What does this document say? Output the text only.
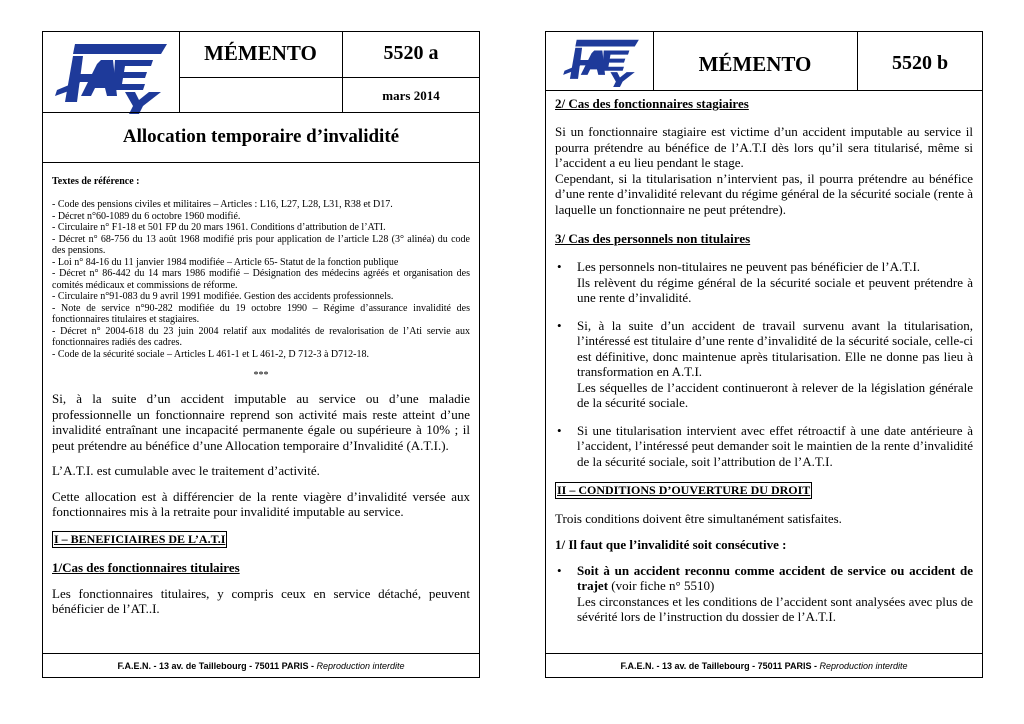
MÉMENTO	5520 a
mars 2014
Allocation temporaire d’invalidité

Textes de référence :

- Code des pensions civiles et militaires – Articles : L16, L27, L28, L31, R38 et D17.

- Décret n°60-1089 du 6 octobre 1960 modifié.

- Circulaire n° F1-18 et 501 FP du 20 mars 1961. Conditions d’attribution de l’ATI.

- Décret n° 68-756 du 13 août 1968 modifié pris pour application de l’article L28 (3° alinéa) du code des pensions.

- Loi n° 84-16 du 11 janvier 1984 modifiée – Article 65- Statut de la fonction publique

- Décret n° 86-442 du 14 mars 1986 modifié – Désignation des médecins agréés et organisation des comités médicaux et commissions de réforme.

- Circulaire n°91-083 du 9 avril 1991 modifiée. Gestion des accidents professionnels.

- Note de service n°90-282 modifiée du 19 octobre 1990 – Régime d’assurance invalidité des fonctionnaires titulaires et stagiaires.

- Décret n° 2004-618 du 23 juin 2004 relatif aux modalités de revalorisation de l’Ati servie aux fonctionnaires radiés des cadres.

- Code de la sécurité sociale – Articles L 461-1 et L 461-2, D 712-3 à D712-18.

***

Si, à la suite d’un accident imputable au service ou d’une maladie professionnelle un fonctionnaire reprend son activité mais reste atteint d’une invalidité entraînant une incapacité permanente égale ou supérieure à 10% ; il peut prétendre au bénéfice d’une Allocation temporaire d’Invalidité (A.T.I.).

L’A.T.I. est cumulable avec le traitement d’activité.

Cette allocation est à différencier de la rente viagère d’invalidité versée aux fonctionnaires mis à la retraite pour invalidité imputable au service.

I – BENEFICIAIRES DE L’A.T.I

1/Cas des fonctionnaires titulaires

Les fonctionnaires titulaires, y compris ceux en service détaché, peuvent bénéficier de l’AT..I.

F.A.E.N. - 13 av. de Taillebourg - 75011 PARIS - Reproduction interdite
MÉMENTO	5520 b

2/ Cas des fonctionnaires stagiaires

Si un fonctionnaire stagiaire est victime d’un accident imputable au service il pourra prétendre au bénéfice de l’A.T.I dès lors qu’il sera titularisé, même si l’accident a eu lieu pendant le stage.

Cependant, si la titularisation n’intervient pas, il pourra prétendre au bénéfice d’une rente d’invalidité relevant du régime général de la sécurité sociale (rente à laquelle un fonctionnaire ne peut prétendre).

3/ Cas des personnels non titulaires

• Les personnels non-titulaires ne peuvent pas bénéficier de l’A.T.I.
Ils relèvent du régime général de la sécurité sociale et peuvent prétendre à une rente d’invalidité.
• Si, à la suite d’un accident de travail survenu avant la titularisation, l’intéressé est titulaire d’une rente d’invalidité de la sécurité sociale, celle-ci est définitive, donc maintenue après titularisation. Elle ne donne pas lieu à transformation en A.T.I.
Les séquelles de l’accident continueront à relever de la législation générale de la sécurité sociale.
• Si une titularisation intervient avec effet rétroactif à une date antérieure à l’accident, l’intéressé peut demander soit le maintien de la rente d’invalidité de la sécurité sociale, soit l’attribution de l’A.T.I.
II – CONDITIONS D’OUVERTURE DU DROIT

Trois conditions doivent être simultanément satisfaites.

1/ Il faut que l’invalidité soit consécutive :

• Soit à un accident reconnu comme accident de service ou accident de trajet (voir fiche n° 5510)
Les circonstances et les conditions de l’accident sont analysées avec plus de sévérité lors de l’instruction du dossier de l’A.T.I.
F.A.E.N. - 13 av. de Taillebourg - 75011 PARIS - Reproduction interdite
